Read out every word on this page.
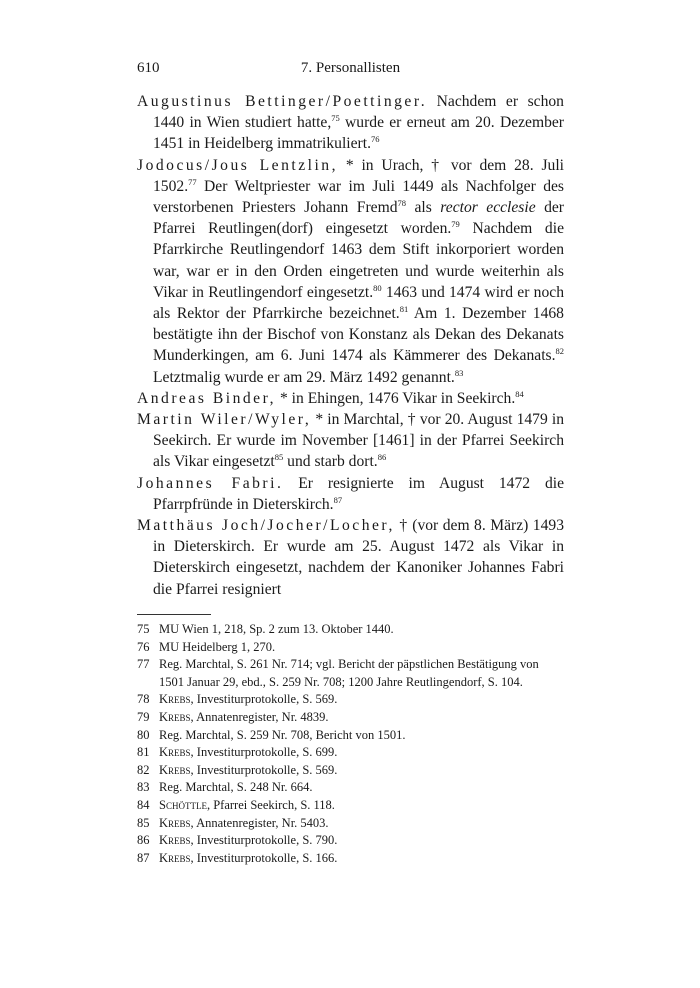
610	7. Personallisten

Augustinus Bettinger/Poettinger. Nachdem er schon 1440 in Wien studiert hatte,$^{75}$ wurde er erneut am 20. Dezember 1451 in Heidelberg immatrikuliert.$^{76}$

Jodocus/Jous Lentzlin, * in Urach, † vor dem 28. Juli 1502.77 Der Weltpriester war im Juli 1449 als Nachfolger des verstorbenen Priesters Johann Fremd$^{78}$ als rector ecclesie der Pfarrei Reutlingen(dorf) eingesetzt worden.$^{79}$ Nachdem die Pfarrkirche Reutlingendorf 1463 dem Stift inkorporiert worden war, war er in den Orden eingetreten und wurde weiterhin als Vikar in Reutlingendorf eingesetzt.$^{80}$ 1463 und 1474 wird er noch als Rektor der Pfarrkirche bezeichnet.$^{81}$ Am 1. Dezember 1468 bestätigte ihn der Bischof von Konstanz als Dekan des Dekanats Munderkingen, am 6. Juni 1474 als Kämmerer des Dekanats.$^{82}$ Letztmalig wurde er am 29. März 1492 genannt.$^{83}$

Andreas Binder, * in Ehingen, 1476 Vikar in Seekirch.$^{84}$

Martin Wiler/Wyler, * in Marchtal, † vor 20. August 1479 in Seekirch. Er wurde im November [1461] in der Pfarrei Seekirch als Vikar eingesetzt$^{85}$ und starb dort.$^{86}$

Johannes Fabri. Er resignierte im August 1472 die Pfarrpfründe in Dieterskirch.$^{87}$

Matthäus Joch/Jocher/Locher, † (vor dem 8. März) 1493 in Dieterskirch. Er wurde am 25. August 1472 als Vikar in Dieterskirch eingesetzt, nachdem der Kanoniker Johannes Fabri die Pfarrei resigniert

75 MU Wien 1, 218, Sp. 2 zum 13. Oktober 1440.
76 MU Heidelberg 1, 270.
77 Reg. Marchtal, S. 261 Nr. 714; vgl. Bericht der päpstlichen Bestätigung von 1501 Januar 29, ebd., S. 259 Nr. 708; 1200 Jahre Reutlingendorf, S. 104.
78 Krebs, Investiturprotokolle, S. 569.
79 Krebs, Annatenregister, Nr. 4839.
80 Reg. Marchtal, S. 259 Nr. 708, Bericht von 1501.
81 Krebs, Investiturprotokolle, S. 699.
82 Krebs, Investiturprotokolle, S. 569.
83 Reg. Marchtal, S. 248 Nr. 664.
84 Schöttle, Pfarrei Seekirch, S. 118.
85 Krebs, Annatenregister, Nr. 5403.
86 Krebs, Investiturprotokolle, S. 790.
87 Krebs, Investiturprotokolle, S. 166.
